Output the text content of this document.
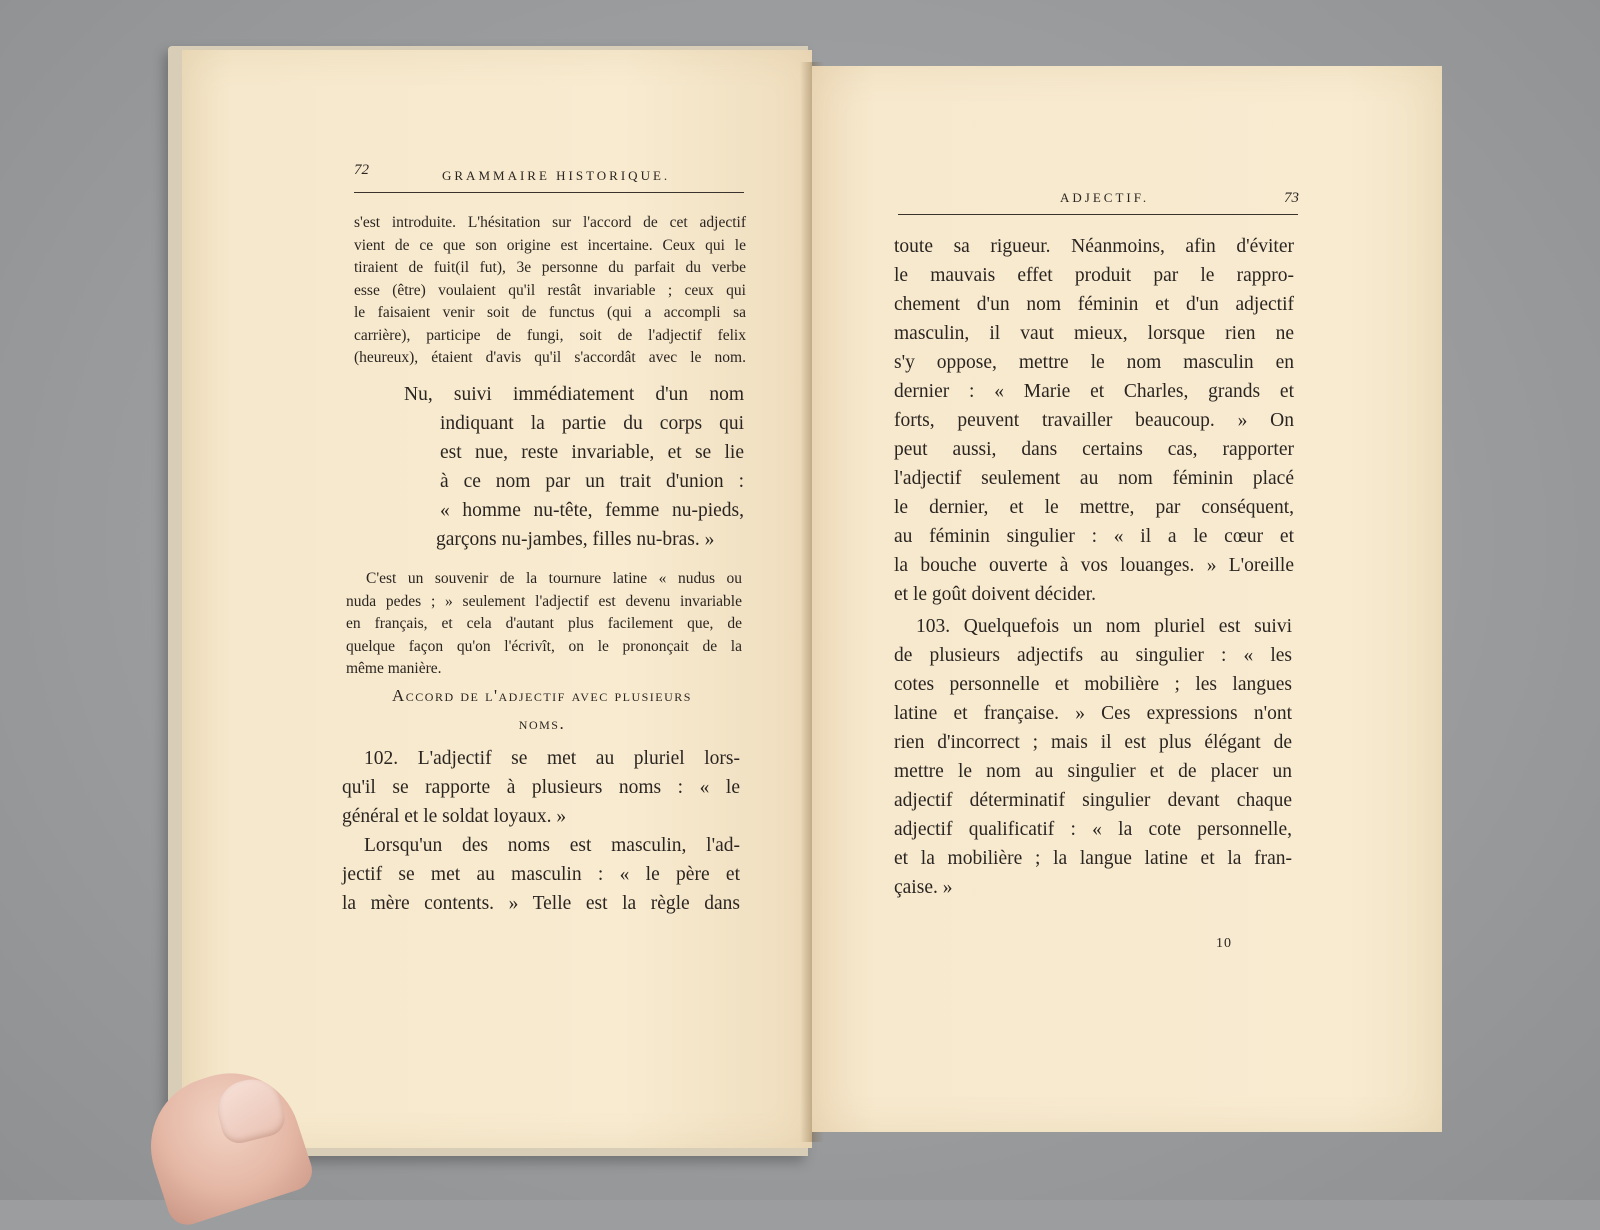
72	GRAMMAIRE HISTORIQUE.
s'est introduite. L'hésitation sur l'accord de cet adjectif
vient de ce que son origine est incertaine. Ceux qui le
tiraient de fuit(il fut), 3e personne du parfait du verbe
esse (être) voulaient qu'il restât invariable ; ceux qui
le faisaient venir soit de functus (qui a accompli sa
carrière), participe de fungi, soit de l'adjectif felix
(heureux), étaient d'avis qu'il s'accordât avec le nom.
Nu, suivi immédiatement d'un nom
indiquant la partie du corps qui
est nue, reste invariable, et se lie
à ce nom par un trait d'union :
« homme nu-tête, femme nu-pieds,
garçons nu-jambes, filles nu-bras. »
C'est un souvenir de la tournure latine « nudus ou
nuda pedes ; » seulement l'adjectif est devenu invariable
en français, et cela d'autant plus facilement que, de
quelque façon qu'on l'écrivît, on le prononçait de la
même manière.
Accord de l'adjectif avec plusieurs
noms.
102. L'adjectif se met au pluriel lors-
qu'il se rapporte à plusieurs noms : « le
général et le soldat loyaux. »
Lorsqu'un des noms est masculin, l'ad-
jectif se met au masculin : « le père et
la mère contents. » Telle est la règle dans
ADJECTIF.	73
toute sa rigueur. Néanmoins, afin d'éviter
le mauvais effet produit par le rappro-
chement d'un nom féminin et d'un adjectif
masculin, il vaut mieux, lorsque rien ne
s'y oppose, mettre le nom masculin en
dernier : « Marie et Charles, grands et
forts, peuvent travailler beaucoup. » On
peut aussi, dans certains cas, rapporter
l'adjectif seulement au nom féminin placé
le dernier, et le mettre, par conséquent,
au féminin singulier : « il a le cœur et
la bouche ouverte à vos louanges. » L'oreille
et le goût doivent décider.
103. Quelquefois un nom pluriel est suivi
de plusieurs adjectifs au singulier : « les
cotes personnelle et mobilière ; les langues
latine et française. » Ces expressions n'ont
rien d'incorrect ; mais il est plus élégant de
mettre le nom au singulier et de placer un
adjectif déterminatif singulier devant chaque
adjectif qualificatif : « la cote personnelle,
et la mobilière ; la langue latine et la fran-
çaise. »
10
